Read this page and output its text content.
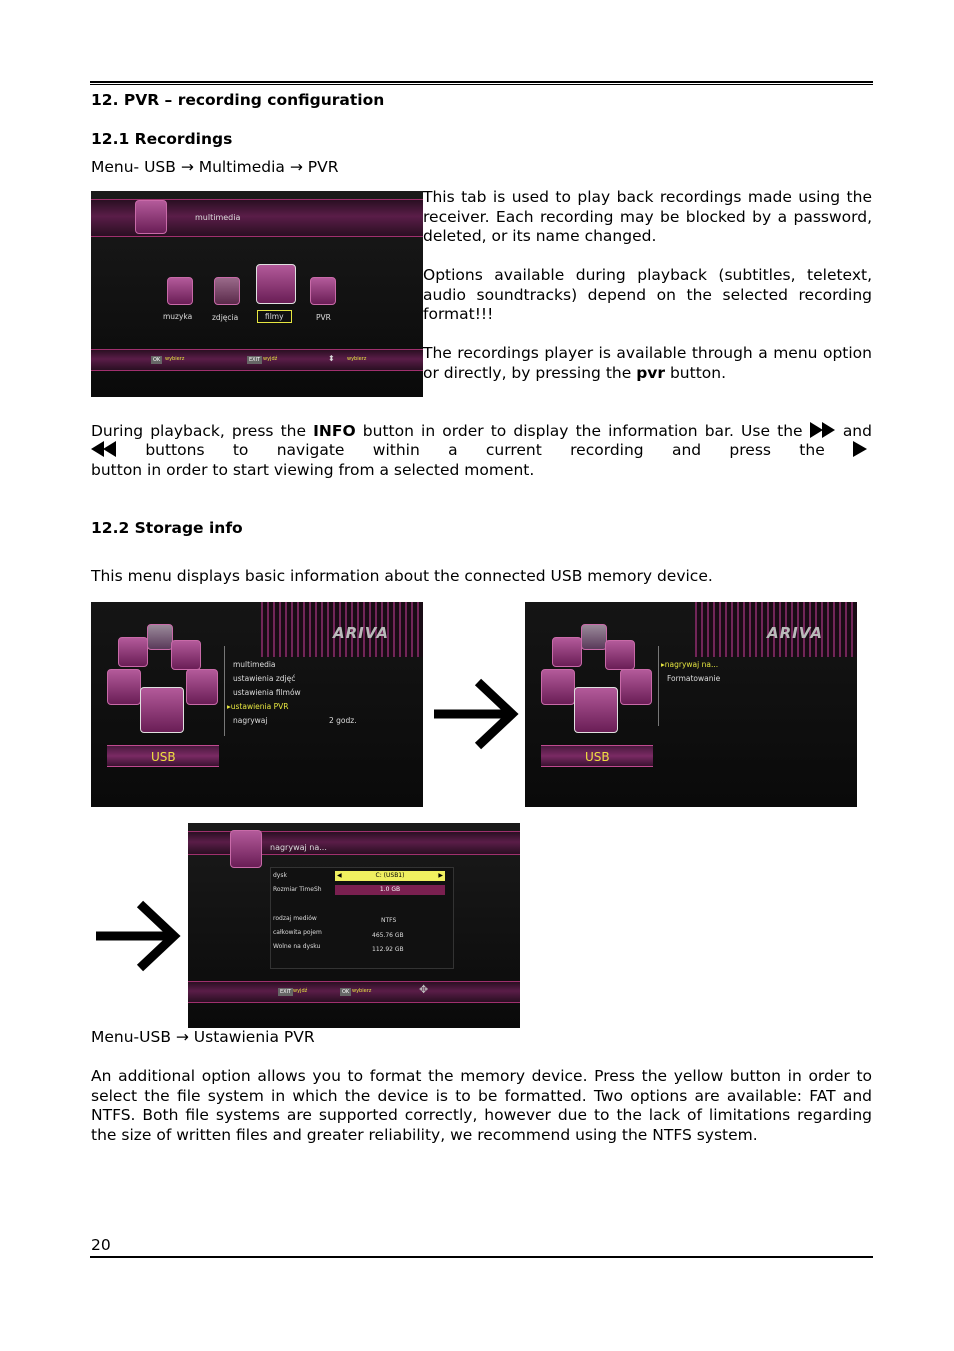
12. PVR – recording configuration
12.1 Recordings
Menu- USB → Multimedia → PVR
multimedia
muzyka	zdjęcia	filmy	PVR
OK wybierz	EXIT wyjdź	⬍ wybierz
This tab is used to play back recordings made using the receiver. Each recording may be blocked by a password, deleted, or its name changed.
Options available during playback (subtitles, teletext, audio soundtracks) depend on the selected recording format!!!
The recordings player is available through a menu option or directly, by pressing the pvr button.
During playback, press the INFO button in order to display the information bar. Use the	and
buttons to navigate within a current recording and press the
button in order to start viewing from a selected moment.
12.2 Storage info
This menu displays basic information about the connected USB memory device.
ARIVA
multimedia
ustawienia zdjęć
ustawienia filmów
▸ustawienia PVR
nagrywaj	2 godz.
USB
ARIVA
▸nagrywaj na...
Formatowanie
USB
nagrywaj na...
dysk	◀	C: (USB1)	▶
Rozmiar TimeSh	1.0 GB
rodzaj mediów	NTFS
całkowita pojem	465.76 GB
Wolne na dysku	112.92 GB
EXIT wyjdź	OK wybierz	✥
Menu-USB → Ustawienia PVR
An additional option allows you to format the memory device. Press the yellow button in order to select the file system in which the device is to be formatted. Two options are available: FAT and NTFS. Both file systems are supported correctly, however due to the lack of limitations regarding the size of written files and greater reliability, we recommend using the NTFS system.
20
